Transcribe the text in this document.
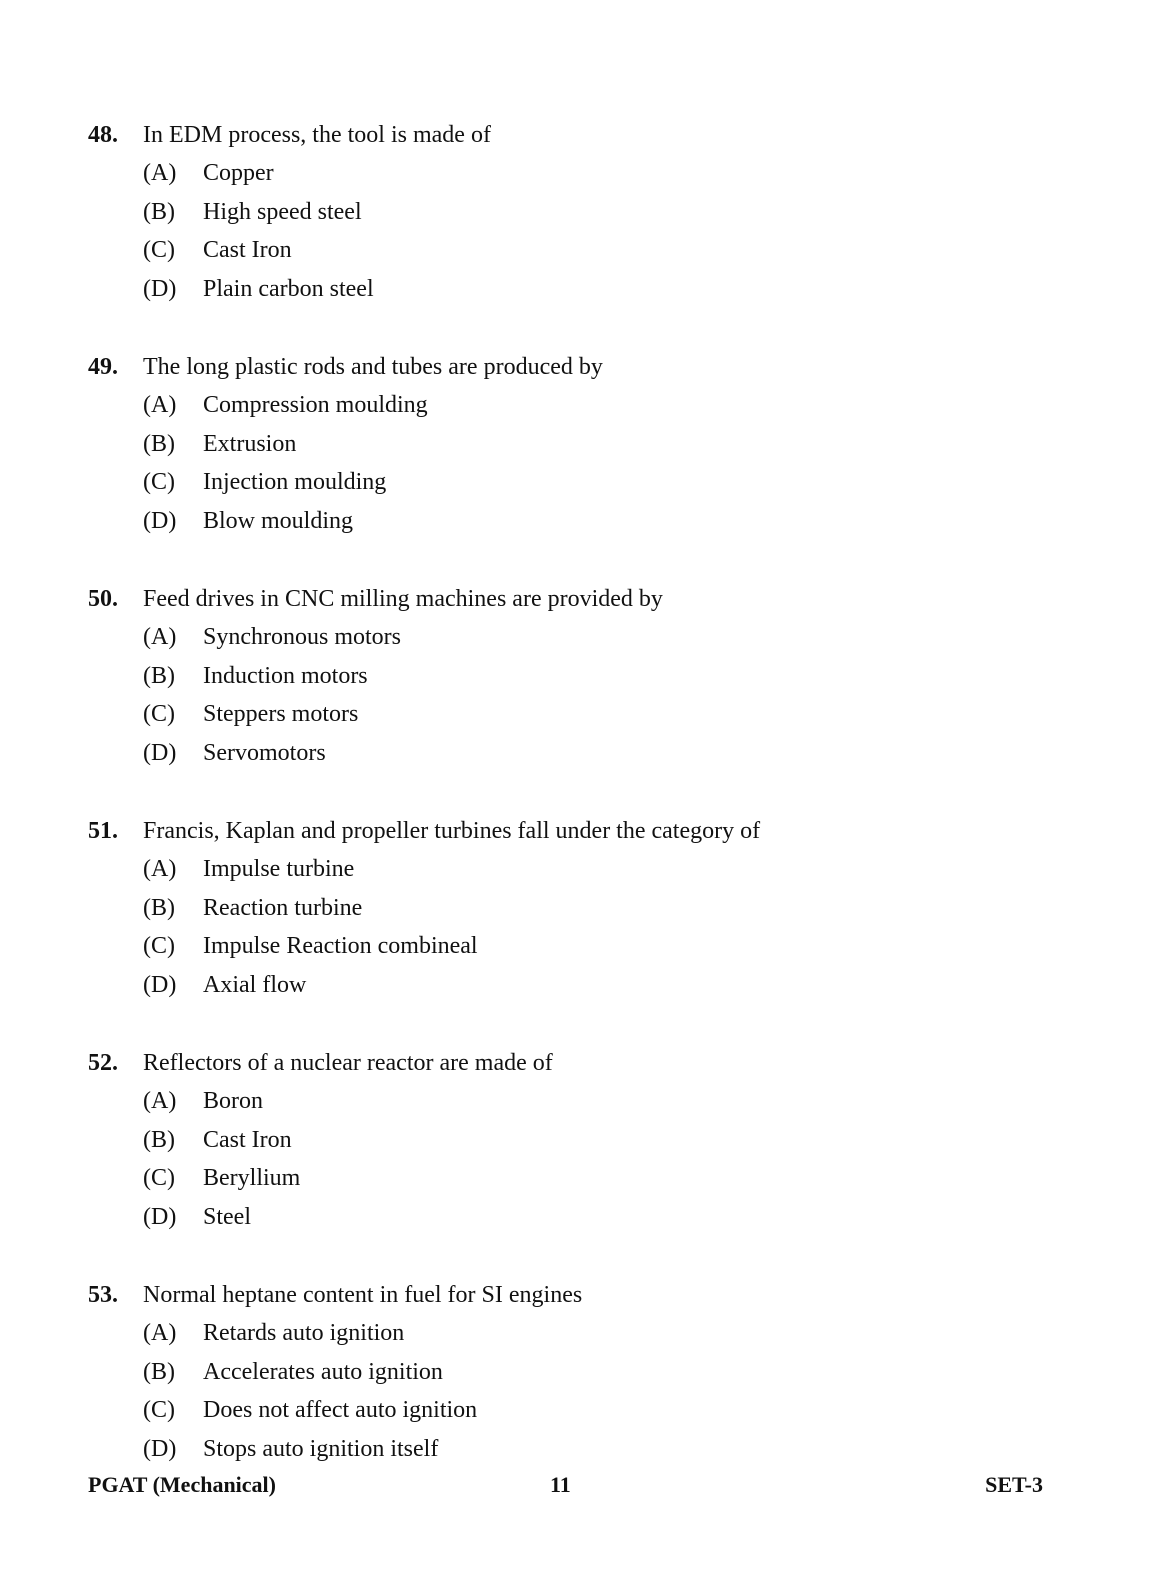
48. In EDM process, the tool is made of
(A) Copper
(B) High speed steel
(C) Cast Iron
(D) Plain carbon steel
49. The long plastic rods and tubes are produced by
(A) Compression moulding
(B) Extrusion
(C) Injection moulding
(D) Blow moulding
50. Feed drives in CNC milling machines are provided by
(A) Synchronous motors
(B) Induction motors
(C) Steppers motors
(D) Servomotors
51. Francis, Kaplan and propeller turbines fall under the category of
(A) Impulse turbine
(B) Reaction turbine
(C) Impulse Reaction combineal
(D) Axial flow
52. Reflectors of a nuclear reactor are made of
(A) Boron
(B) Cast Iron
(C) Beryllium
(D) Steel
53. Normal heptane content in fuel for SI engines
(A) Retards auto ignition
(B) Accelerates auto ignition
(C) Does not affect auto ignition
(D) Stops auto ignition itself
PGAT (Mechanical)	11	SET-3
